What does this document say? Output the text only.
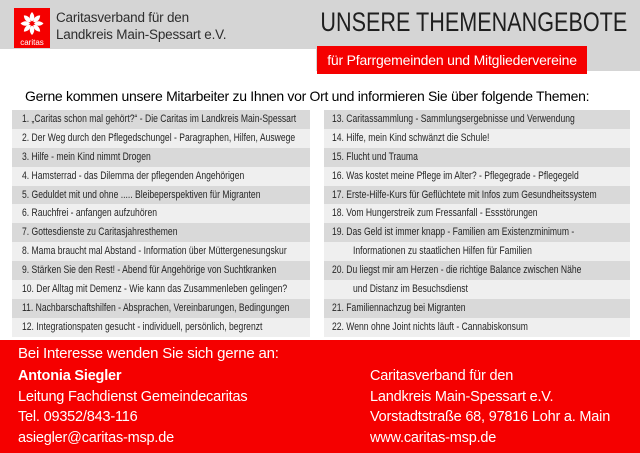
caritas
Caritasverband für den
Landkreis Main-Spessart e.V.	UNSERE THEMENANGEBOTE
für Pfarrgemeinden und Mitgliedervereine
Gerne kommen unsere Mitarbeiter zu Ihnen vor Ort und informieren Sie über folgende Themen:
1. „Caritas schon mal gehört?“ - Die Caritas im Landkreis Main-Spessart	13. Caritassammlung - Sammlungsergebnisse und Verwendung
2. Der Weg durch den Pflegedschungel - Paragraphen, Hilfen, Auswege	14. Hilfe, mein Kind schwänzt die Schule!
3. Hilfe - mein Kind nimmt Drogen	15. Flucht und Trauma
4. Hamsterrad - das Dilemma der pflegenden Angehörigen	16. Was kostet meine Pflege im Alter? - Pflegegrade - Pflegegeld
5. Geduldet mit und ohne ..... Bleibeperspektiven für Migranten	17. Erste-Hilfe-Kurs für Geflüchtete mit Infos zum Gesundheitssystem
6. Rauchfrei - anfangen aufzuhören	18. Vom Hungerstreik zum Fressanfall - Essstörungen
7. Gottesdienste zu Caritasjahresthemen	19. Das Geld ist immer knapp - Familien am Existenzminimum -
8. Mama braucht mal Abstand - Information über Müttergenesungskur	Informationen zu staatlichen Hilfen für Familien
9. Stärken Sie den Rest! - Abend für Angehörige von Suchtkranken	20. Du liegst mir am Herzen - die richtige Balance zwischen Nähe
10. Der Alltag mit Demenz - Wie kann das Zusammenleben gelingen?	und Distanz im Besuchsdienst
11. Nachbarschaftshilfen - Absprachen, Vereinbarungen, Bedingungen	21. Familiennachzug bei Migranten
12. Integrationspaten gesucht - individuell, persönlich, begrenzt	22. Wenn ohne Joint nichts läuft - Cannabiskonsum
Bei Interesse wenden Sie sich gerne an:
Antonia Siegler
Leitung Fachdienst Gemeindecaritas
Tel. 09352/843-116
asiegler@caritas-msp.de
Caritasverband für den
Landkreis Main-Spessart e.V.
Vorstadtstraße 68, 97816 Lohr a. Main
www.caritas-msp.de
